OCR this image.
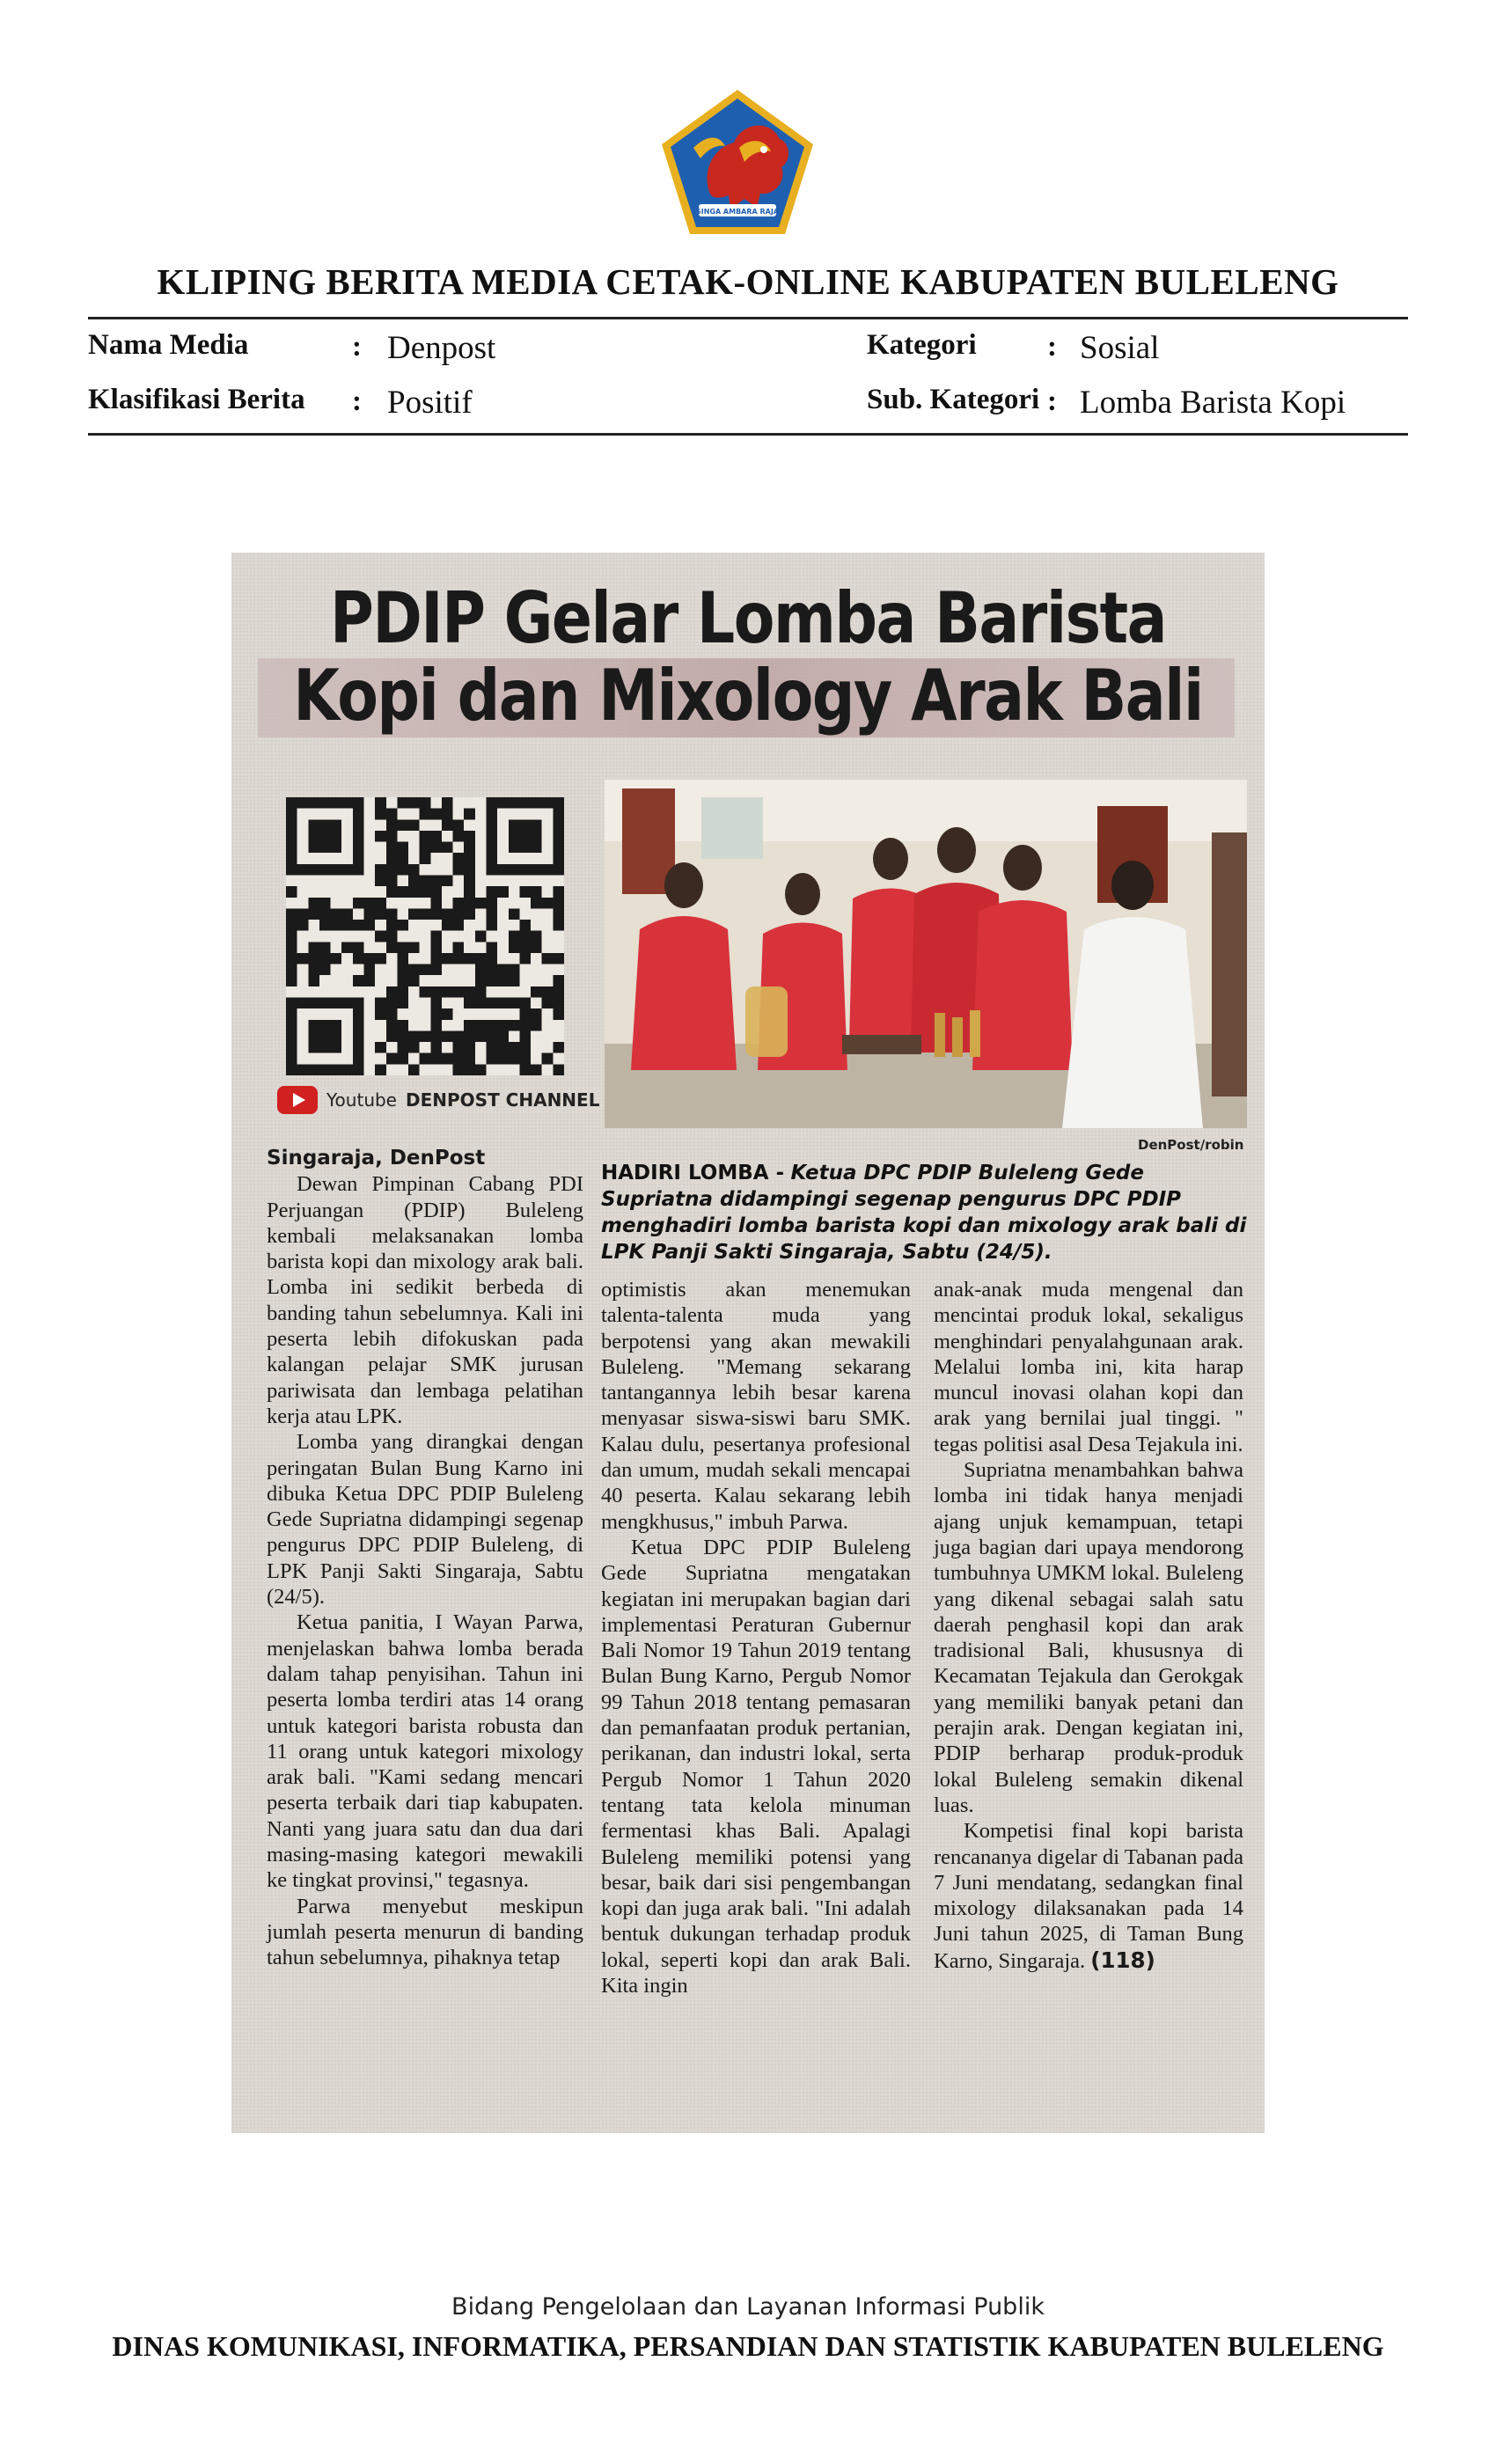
SINGA AMBARA RAJA
KLIPING BERITA MEDIA CETAK-ONLINE KABUPATEN BULELENG
Nama Media	: Denpost
Klasifikasi Berita : Positif
Kategori : Sosial
Sub. Kategori : Lomba Barista Kopi
PDIP Gelar Lomba Barista
Kopi dan Mixology Arak Bali
Youtube DENPOST CHANNEL
DenPost/robin
HADIRI LOMBA - Ketua DPC PDIP Buleleng Gede Supriatna didampingi segenap pengurus DPC PDIP menghadiri lomba barista kopi dan mixology arak bali di LPK Panji Sakti Singaraja, Sabtu (24/5).

Singaraja, DenPost

Dewan Pimpinan Cabang PDI Perjuangan (PDIP) Buleleng kembali melaksanakan lomba barista kopi dan mixology arak bali. Lomba ini sedikit berbeda di banding tahun sebelumnya. Kali ini peserta lebih difokuskan pada kalangan pelajar SMK jurusan pariwisata dan lembaga pelatihan kerja atau LPK.

Lomba yang dirangkai dengan peringatan Bulan Bung Karno ini dibuka Ketua DPC PDIP Buleleng Gede Supriatna didampingi segenap pengurus DPC PDIP Buleleng, di LPK Panji Sakti Singaraja, Sabtu (24/5).

Ketua panitia, I Wayan Parwa, menjelaskan bahwa lomba berada dalam tahap penyisihan. Tahun ini peserta lomba terdiri atas 14 orang untuk kategori barista robusta dan 11 orang untuk kategori mixology arak bali. "Kami sedang mencari peserta terbaik dari tiap kabupaten. Nanti yang juara satu dan dua dari masing-masing kategori mewakili ke tingkat provinsi," tegasnya.

Parwa menyebut meskipun jumlah peserta menurun di banding tahun sebelumnya, pihaknya tetap

optimistis akan menemukan talenta-talenta muda yang berpotensi yang akan mewakili Buleleng. "Memang sekarang tantangannya lebih besar karena menyasar siswa-siswi baru SMK. Kalau dulu, pesertanya profesional dan umum, mudah sekali mencapai 40 peserta. Kalau sekarang lebih mengkhusus," imbuh Parwa.

Ketua DPC PDIP Buleleng Gede Supriatna mengatakan kegiatan ini merupakan bagian dari implementasi Peraturan Gubernur Bali Nomor 19 Tahun 2019 tentang Bulan Bung Karno, Pergub Nomor 99 Tahun 2018 tentang pemasaran dan pemanfaatan produk pertanian, perikanan, dan industri lokal, serta Pergub Nomor 1 Tahun 2020 tentang tata kelola minuman fermentasi khas Bali. Apalagi Buleleng memiliki potensi yang besar, baik dari sisi pengembangan kopi dan juga arak bali. "Ini adalah bentuk dukungan terhadap produk lokal, seperti kopi dan arak Bali. Kita ingin

anak-anak muda mengenal dan mencintai produk lokal, sekaligus menghindari penyalahgunaan arak. Melalui lomba ini, kita harap muncul inovasi olahan kopi dan arak yang bernilai jual tinggi. " tegas politisi asal Desa Tejakula ini.

Supriatna menambahkan bahwa lomba ini tidak hanya menjadi ajang unjuk kemampuan, tetapi juga bagian dari upaya mendorong tumbuhnya UMKM lokal. Buleleng yang dikenal sebagai salah satu daerah penghasil kopi dan arak tradisional Bali, khususnya di Kecamatan Tejakula dan Gerokgak yang memiliki banyak petani dan perajin arak. Dengan kegiatan ini, PDIP berharap produk-produk lokal Buleleng semakin dikenal luas.

Kompetisi final kopi barista rencananya digelar di Tabanan pada 7 Juni mendatang, sedangkan final mixology dilaksanakan pada 14 Juni tahun 2025, di Taman Bung Karno, Singaraja. (118)

Bidang Pengelolaan dan Layanan Informasi Publik
DINAS KOMUNIKASI, INFORMATIKA, PERSANDIAN DAN STATISTIK KABUPATEN BULELENG
